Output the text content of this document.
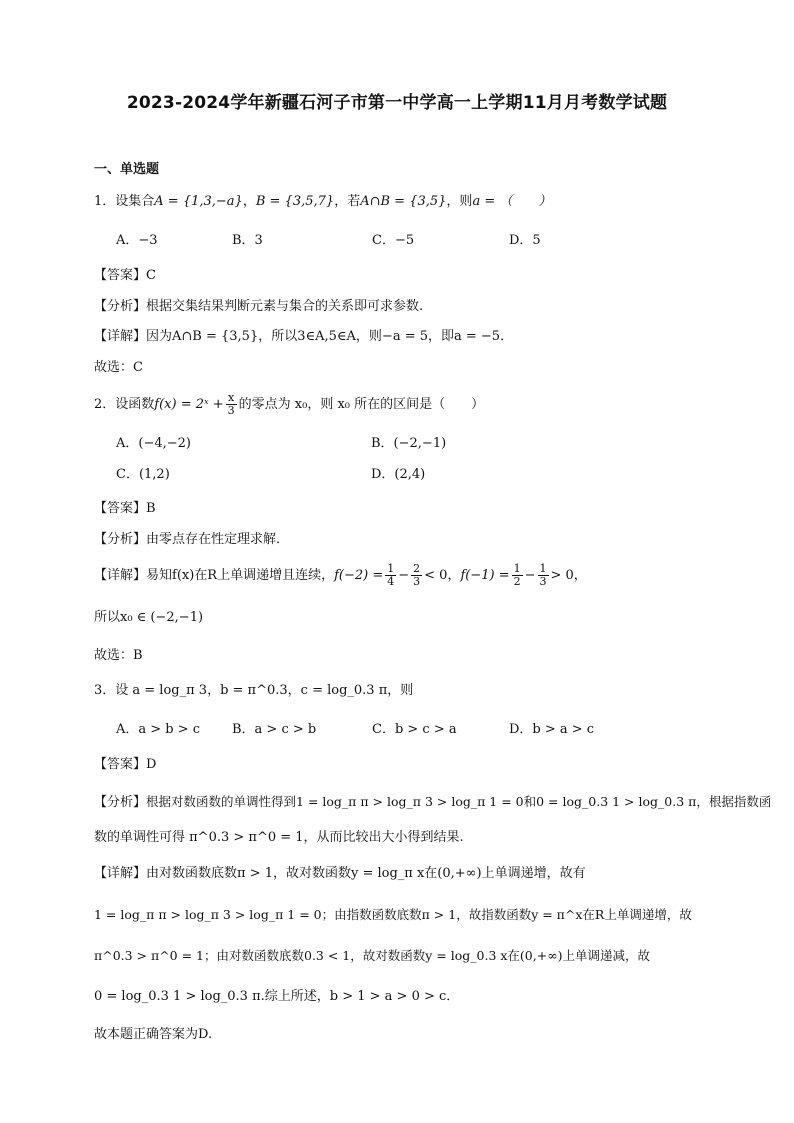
2023-2024学年新疆石河子市第一中学高一上学期11月月考数学试题
一、单选题
1．设集合A = {1,3,−a}，B = {3,5,7}，若A∩B = {3,5}，则a = （　　）
A．−3	B．3	C．−5	D．5
【答案】C
【分析】根据交集结果判断元素与集合的关系即可求参数.
【详解】因为A∩B = {3,5}，所以3∈A,5∈A，则−a = 5，即a = −5．
故选：C
2．设函数f(x) = 2ˣ + $\frac{x}{3}$ 的零点为 x₀，则 x₀ 所在的区间是（　　）
A．(−4,−2)	B．(−2,−1)
C．(1,2)	D．(2,4)
【答案】B
【分析】由零点存在性定理求解．
【详解】易知f(x)在R上单调递增且连续，$f(-2) = \frac{1}{4} - \frac{2}{3} < 0$，$f(-1) = \frac{1}{2} - \frac{1}{3} > 0$，
所以x₀ ∈ (−2,−1)
故选：B
3．设 a = log_π 3，b = π^0.3，c = log_0.3 π，则
A．a > b > c B．a > c > b	C．b > c > a	D．b > a > c
【答案】D
【分析】根据对数函数的单调性得到1 = log_π π > log_π 3 > log_π 1 = 0和0 = log_0.3 1 > log_0.3 π，根据指数函
数的单调性可得 π^0.3 > π^0 = 1，从而比较出大小得到结果.
【详解】由对数函数底数π > 1，故对数函数y = log_π x在(0,+∞)上单调递增，故有
1 = log_π π > log_π 3 > log_π 1 = 0；由指数函数底数π > 1，故指数函数y = π^x在R上单调递增，故
π^0.3 > π^0 = 1；由对数函数底数0.3 < 1，故对数函数y = log_0.3 x在(0,+∞)上单调递减，故
0 = log_0.3 1 > log_0.3 π.综上所述，b > 1 > a > 0 > c．
故本题正确答案为D.
